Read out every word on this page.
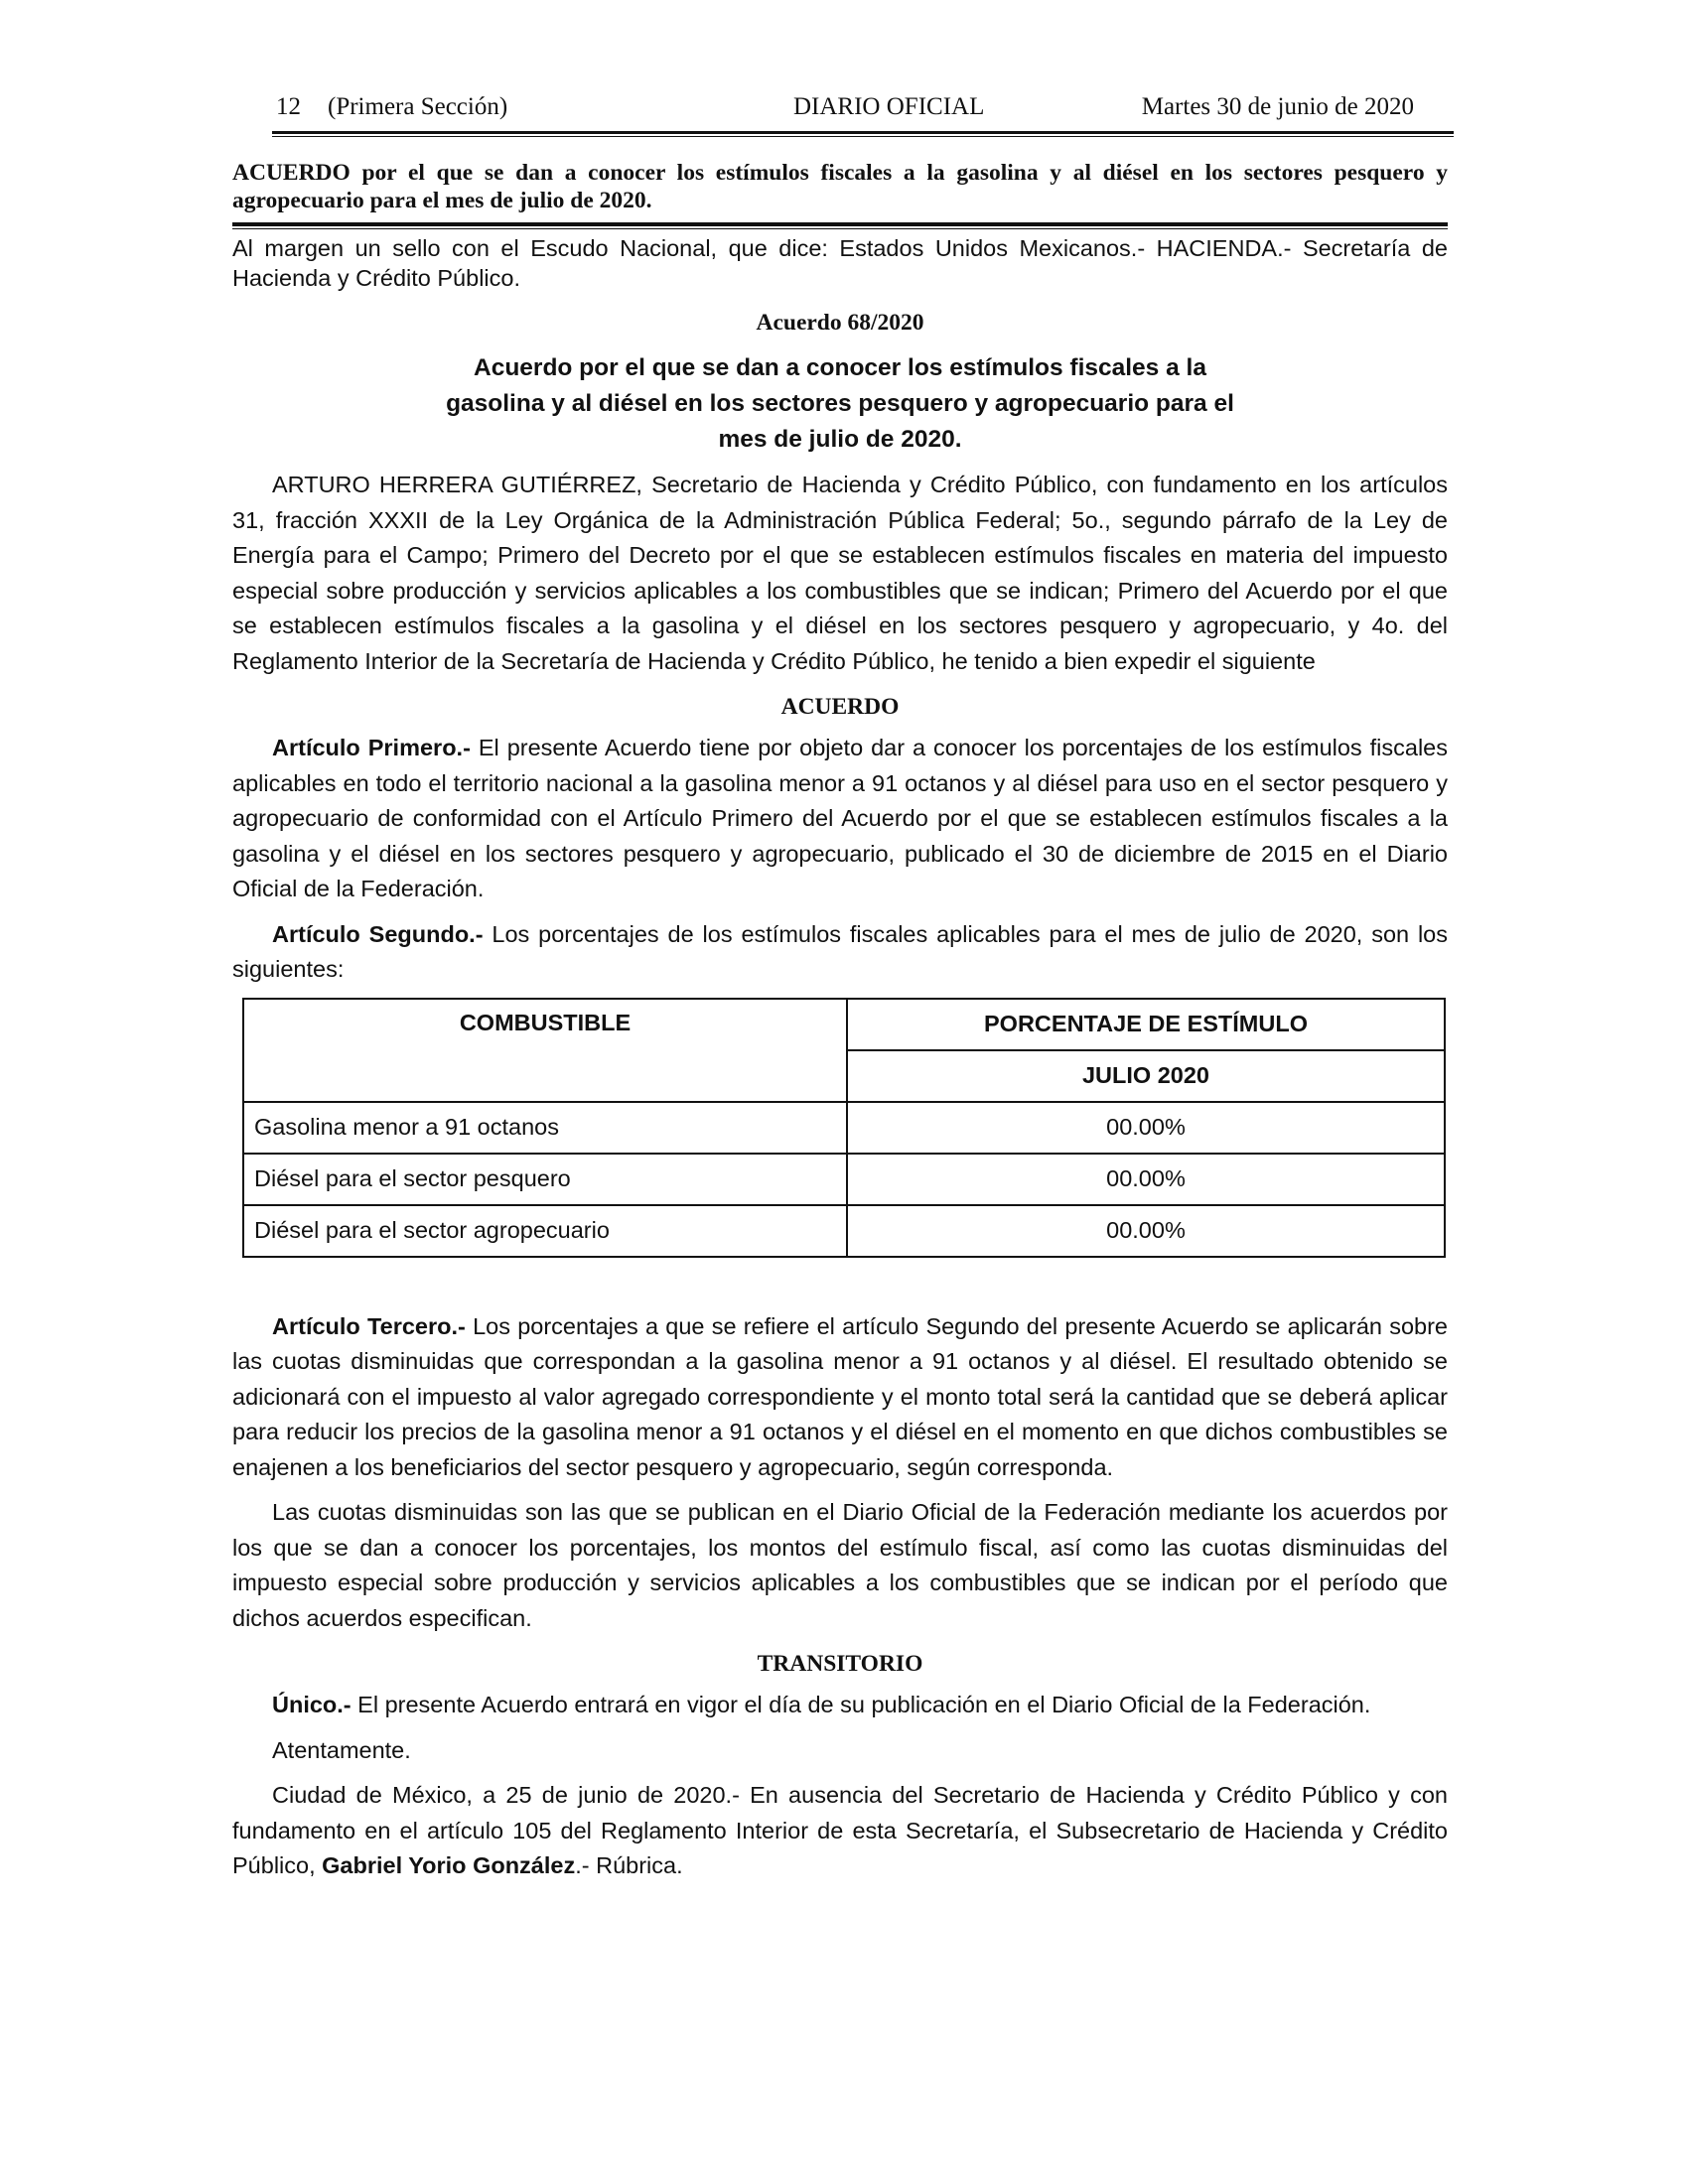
12 (Primera Sección)	DIARIO OFICIAL	Martes 30 de junio de 2020
ACUERDO por el que se dan a conocer los estímulos fiscales a la gasolina y al diésel en los sectores pesquero y agropecuario para el mes de julio de 2020.

Al margen un sello con el Escudo Nacional, que dice: Estados Unidos Mexicanos.- HACIENDA.- Secretaría de Hacienda y Crédito Público.

Acuerdo 68/2020
Acuerdo por el que se dan a conocer los estímulos fiscales a la gasolina y al diésel en los sectores pesquero y agropecuario para el mes de julio de 2020.

ARTURO HERRERA GUTIÉRREZ, Secretario de Hacienda y Crédito Público, con fundamento en los artículos 31, fracción XXXII de la Ley Orgánica de la Administración Pública Federal; 5o., segundo párrafo de la Ley de Energía para el Campo; Primero del Decreto por el que se establecen estímulos fiscales en materia del impuesto especial sobre producción y servicios aplicables a los combustibles que se indican; Primero del Acuerdo por el que se establecen estímulos fiscales a la gasolina y el diésel en los sectores pesquero y agropecuario, y 4o. del Reglamento Interior de la Secretaría de Hacienda y Crédito Público, he tenido a bien expedir el siguiente

ACUERDO

Artículo Primero.- El presente Acuerdo tiene por objeto dar a conocer los porcentajes de los estímulos fiscales aplicables en todo el territorio nacional a la gasolina menor a 91 octanos y al diésel para uso en el sector pesquero y agropecuario de conformidad con el Artículo Primero del Acuerdo por el que se establecen estímulos fiscales a la gasolina y el diésel en los sectores pesquero y agropecuario, publicado el 30 de diciembre de 2015 en el Diario Oficial de la Federación.

Artículo Segundo.- Los porcentajes de los estímulos fiscales aplicables para el mes de julio de 2020, son los siguientes:

COMBUSTIBLE	PORCENTAJE DE ESTÍMULO
	JULIO 2020
Gasolina menor a 91 octanos	00.00%
Diésel para el sector pesquero	00.00%
Diésel para el sector agropecuario	00.00%

Artículo Tercero.- Los porcentajes a que se refiere el artículo Segundo del presente Acuerdo se aplicarán sobre las cuotas disminuidas que correspondan a la gasolina menor a 91 octanos y al diésel. El resultado obtenido se adicionará con el impuesto al valor agregado correspondiente y el monto total será la cantidad que se deberá aplicar para reducir los precios de la gasolina menor a 91 octanos y el diésel en el momento en que dichos combustibles se enajenen a los beneficiarios del sector pesquero y agropecuario, según corresponda.

Las cuotas disminuidas son las que se publican en el Diario Oficial de la Federación mediante los acuerdos por los que se dan a conocer los porcentajes, los montos del estímulo fiscal, así como las cuotas disminuidas del impuesto especial sobre producción y servicios aplicables a los combustibles que se indican por el período que dichos acuerdos especifican.

TRANSITORIO

Único.- El presente Acuerdo entrará en vigor el día de su publicación en el Diario Oficial de la Federación.

Atentamente.

Ciudad de México, a 25 de junio de 2020.- En ausencia del Secretario de Hacienda y Crédito Público y con fundamento en el artículo 105 del Reglamento Interior de esta Secretaría, el Subsecretario de Hacienda y Crédito Público, Gabriel Yorio González.- Rúbrica.
